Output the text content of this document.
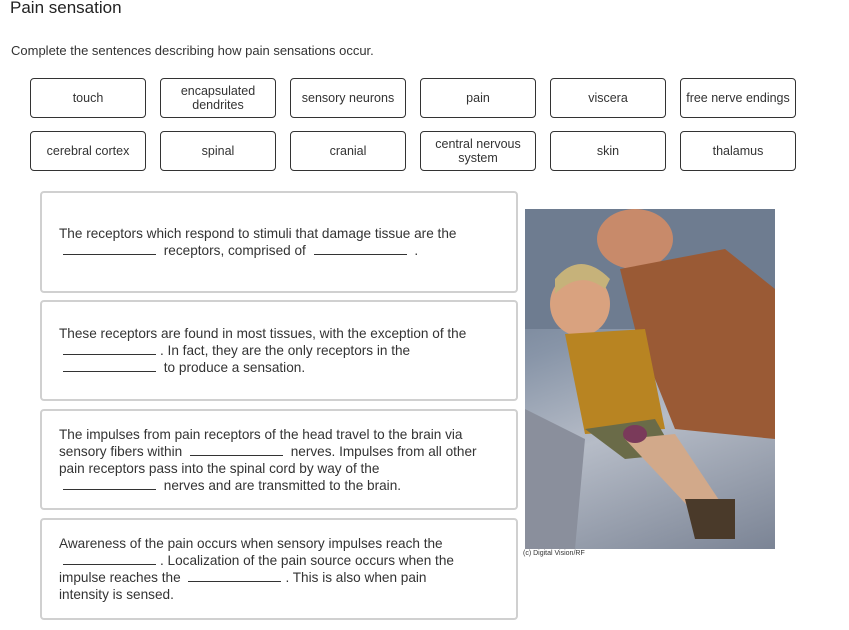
Pain sensation
Complete the sentences describing how pain sensations occur.
touch	encapsulated dendrites	sensory neurons	pain	viscera	free nerve endings
cerebral cortex	spinal	cranial	central nervous system	skin	thalamus
The receptors which respond to stimuli that damage tissue are the
receptors, comprised of	.
These receptors are found in most tissues, with the exception of the
. In fact, they are the only receptors in the
to produce a sensation.
The impulses from pain receptors of the head travel to the brain via
sensory fibers within	nerves. Impulses from all other
pain receptors pass into the spinal cord by way of the
nerves and are transmitted to the brain.
Awareness of the pain occurs when sensory impulses reach the
. Localization of the pain source occurs when the
impulse reaches the	. This is also when pain
intensity is sensed.
(c) Digital Vision/RF
